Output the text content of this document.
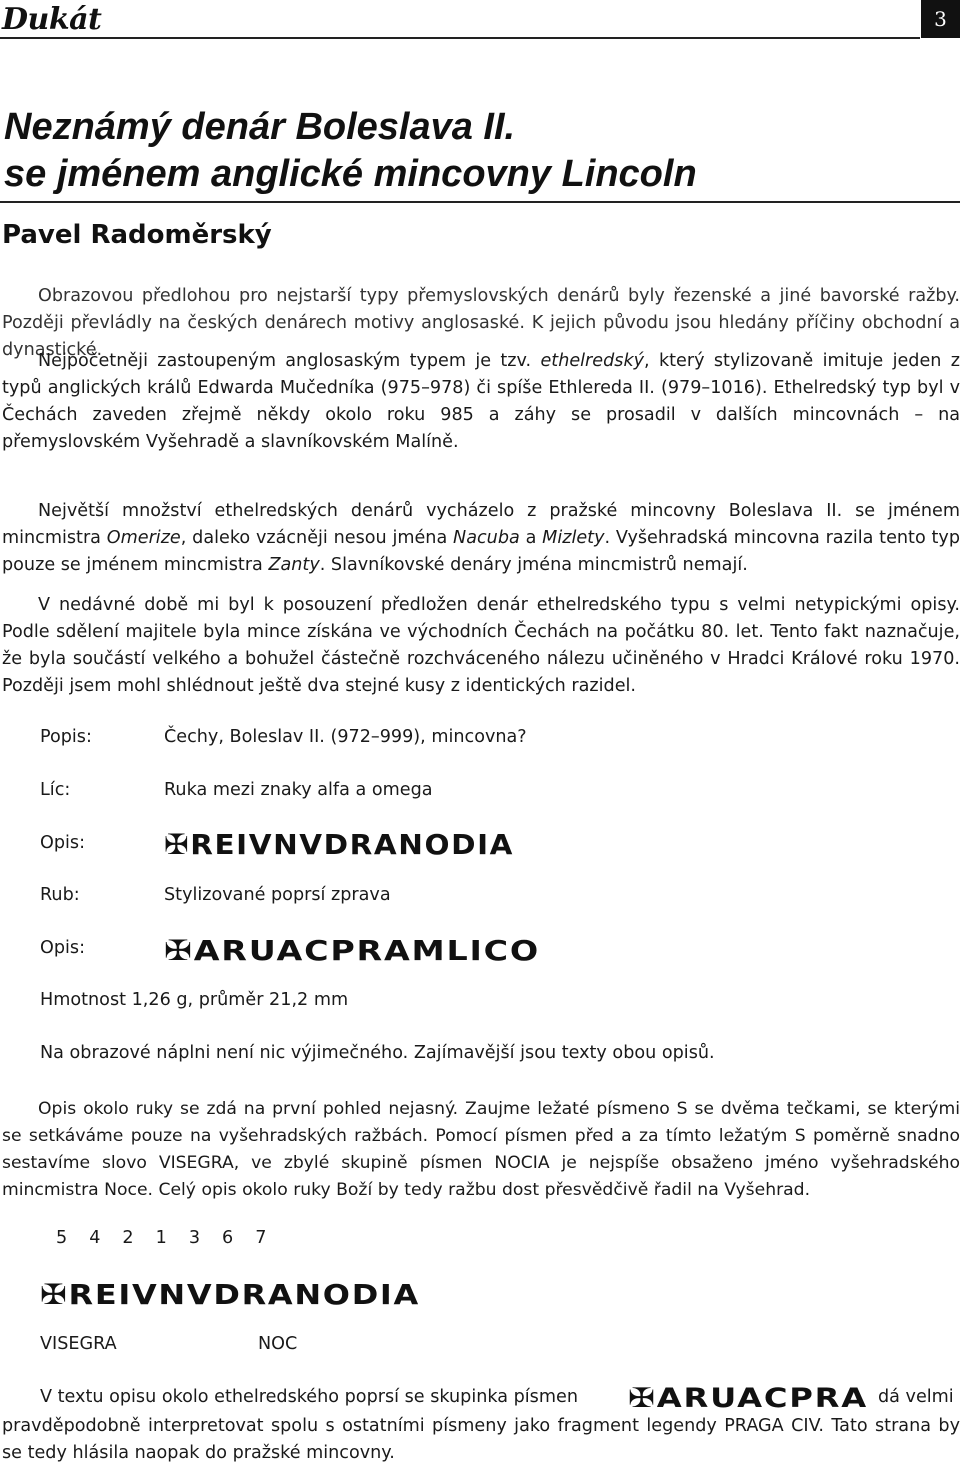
Dukát	3
Neznámý denár Boleslava II.
se jménem anglické mincovny Lincoln
Pavel Radoměrský
Obrazovou předlohou pro nejstarší typy přemyslovských denárů byly řezenské a jiné bavorské ražby. Později převládly na českých denárech motivy anglosaské. K jejich původu jsou hledány příčiny obchodní a dynastické.
Nejpočetněji zastoupeným anglosaským typem je tzv. ethelredský, který stylizovaně imituje jeden z typů anglických králů Edwarda Mučedníka (975–978) či spíše Ethlereda II. (979–1016). Ethelredský typ byl v Čechách zaveden zřejmě někdy okolo roku 985 a záhy se prosadil v dalších mincovnách – na přemyslovském Vyšehradě a slavníkovském Malíně.
Největší množství ethelredských denárů vycházelo z pražské mincovny Boleslava II. se jménem mincmistra Omerize, daleko vzácněji nesou jména Nacuba a Mizlety. Vyšehradská mincovna razila tento typ pouze se jménem mincmistra Zanty. Slavníkovské denáry jména mincmistrů nemají.
V nedávné době mi byl k posouzení předložen denár ethelredského typu s velmi netypickými opisy. Podle sdělení majitele byla mince získána ve východních Čechách na počátku 80. let. Tento fakt naznačuje, že byla součástí velkého a bohužel částečně rozchváceného nálezu učiněného v Hradci Králové roku 1970. Později jsem mohl shlédnout ještě dva stejné kusy z identických razidel.
Popis:	Čechy, Boleslav II. (972–999), mincovna?
Líc:	Ruka mezi znaky alfa a omega
Opis:	✠REIVNVDRANODIA
Rub:	Stylizované poprsí zprava
Opis:	✠ARUACPRAMLICO
Hmotnost 1,26 g, průměr 21,2 mm
Na obrazové náplni není nic výjimečného. Zajímavější jsou texty obou opisů.
Opis okolo ruky se zdá na první pohled nejasný. Zaujme ležaté písmeno S se dvěma tečkami, se kterými se setkáváme pouze na vyšehradských ražbách. Pomocí písmen před a za tímto ležatým S poměrně snadno sestavíme slovo VISEGRA, ve zbylé skupině písmen NOCIA je nejspíše obsaženo jméno vyšehradského mincmistra Noce. Celý opis okolo ruky Boží by tedy ražbu dost přesvědčivě řadil na Vyšehrad.
5 4 2 1 3 6 7
✠REIVNVDRANODIA
VISEGRA	NOC
V textu opisu okolo ethelredského poprsí se skupinka písmen ✠ARUACPRA dá velmi
pravděpodobně interpretovat spolu s ostatními písmeny jako fragment legendy PRAGA CIV. Tato strana by se tedy hlásila naopak do pražské mincovny.
